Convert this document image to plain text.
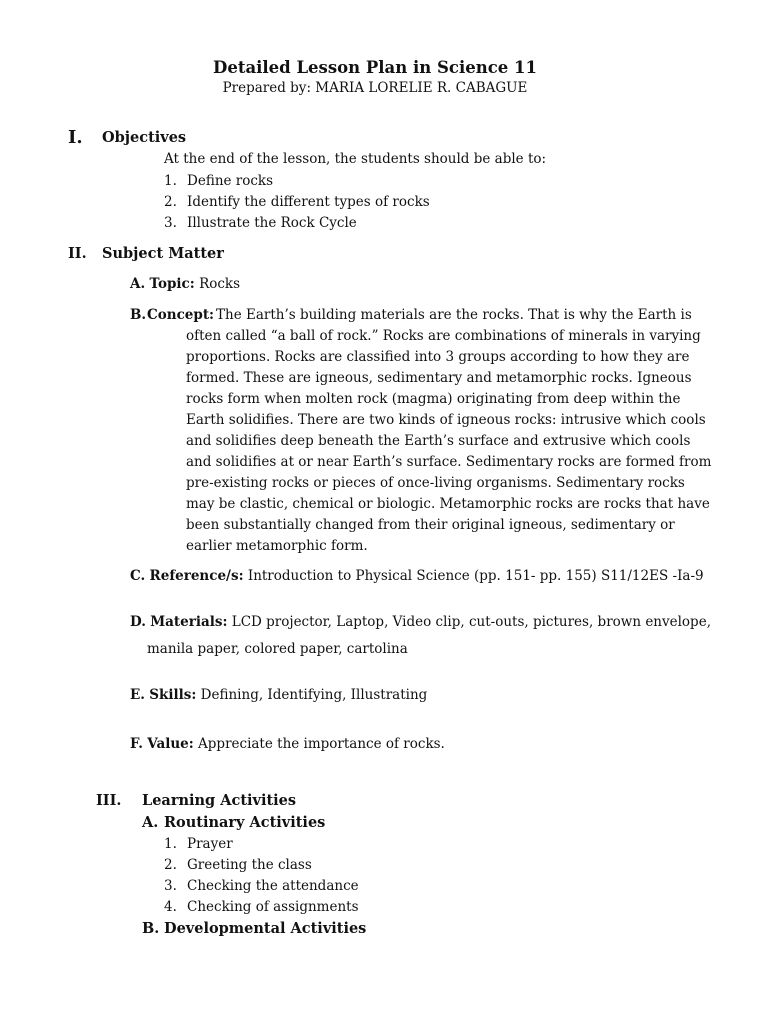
Detailed Lesson Plan in Science 11
Prepared by: MARIA LORELIE R. CABAGUE
I. Objectives
At the end of the lesson, the students should be able to:
1. Define rocks
2. Identify the different types of rocks
3. Illustrate the Rock Cycle
II. Subject Matter
A. Topic: Rocks
B. Concept: The Earth’s building materials are the rocks. That is why the Earth is
often called “a ball of rock.” Rocks are combinations of minerals in varying
proportions. Rocks are classified into 3 groups according to how they are
formed. These are igneous, sedimentary and metamorphic rocks. Igneous
rocks form when molten rock (magma) originating from deep within the
Earth solidifies. There are two kinds of igneous rocks: intrusive which cools
and solidifies deep beneath the Earth’s surface and extrusive which cools
and solidifies at or near Earth’s surface. Sedimentary rocks are formed from
pre-existing rocks or pieces of once-living organisms. Sedimentary rocks
may be clastic, chemical or biologic. Metamorphic rocks are rocks that have
been substantially changed from their original igneous, sedimentary or
earlier metamorphic form.
C. Reference/s: Introduction to Physical Science (pp. 151- pp. 155) S11/12ES -Ia-9
D. Materials: LCD projector, Laptop, Video clip, cut-outs, pictures, brown envelope,
manila paper, colored paper, cartolina
E. Skills: Defining, Identifying, Illustrating
F. Value: Appreciate the importance of rocks.
III. Learning Activities
A. Routinary Activities
1. Prayer
2. Greeting the class
3. Checking the attendance
4. Checking of assignments
B. Developmental Activities
